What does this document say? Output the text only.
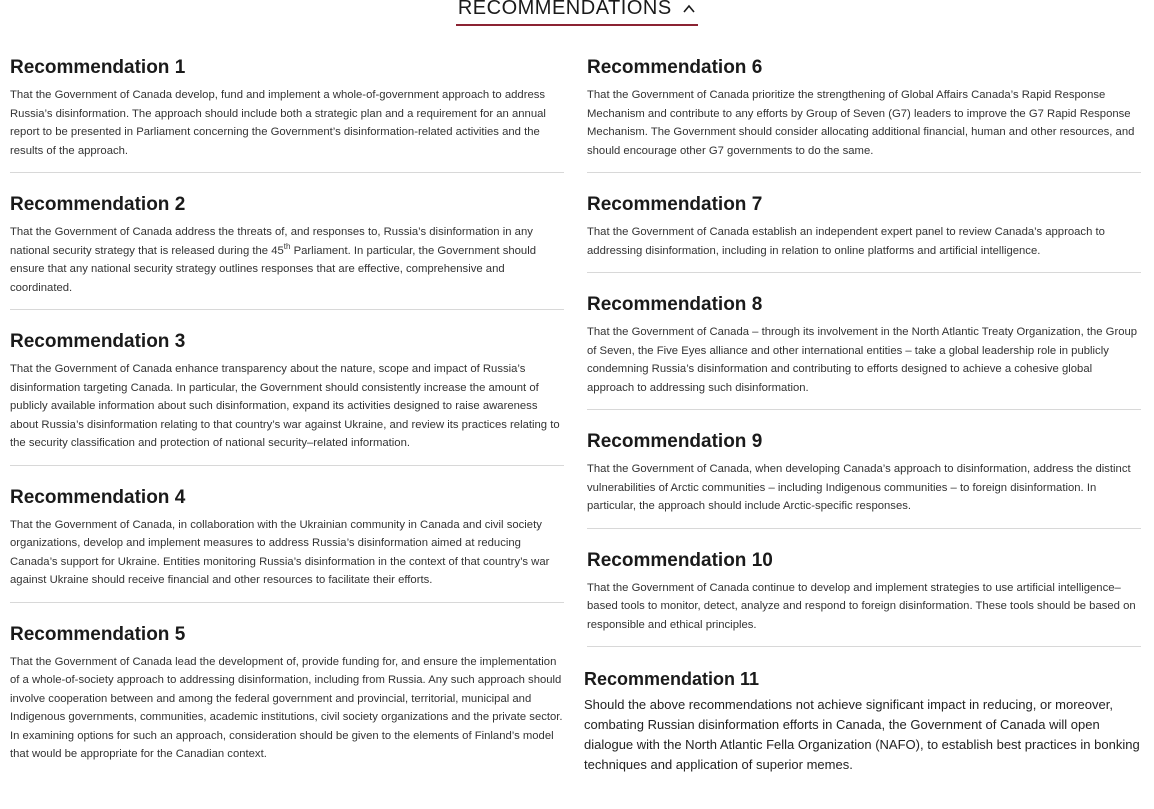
RECOMMENDATIONS
Recommendation 1

That the Government of Canada develop, fund and implement a whole-of-government approach to address Russia’s disinformation. The approach should include both a strategic plan and a requirement for an annual report to be presented in Parliament concerning the Government’s disinformation-related activities and the results of the approach.

Recommendation 2

That the Government of Canada address the threats of, and responses to, Russia’s disinformation in any national security strategy that is released during the 45th Parliament. In particular, the Government should ensure that any national security strategy outlines responses that are effective, comprehensive and coordinated.

Recommendation 3

That the Government of Canada enhance transparency about the nature, scope and impact of Russia’s disinformation targeting Canada. In particular, the Government should consistently increase the amount of publicly available information about such disinformation, expand its activities designed to raise awareness about Russia’s disinformation relating to that country’s war against Ukraine, and review its practices relating to the security classification and protection of national security–related information.

Recommendation 4

That the Government of Canada, in collaboration with the Ukrainian community in Canada and civil society organizations, develop and implement measures to address Russia’s disinformation aimed at reducing Canada’s support for Ukraine. Entities monitoring Russia’s disinformation in the context of that country’s war against Ukraine should receive financial and other resources to facilitate their efforts.

Recommendation 5

That the Government of Canada lead the development of, provide funding for, and ensure the implementation of a whole-of-society approach to addressing disinformation, including from Russia. Any such approach should involve cooperation between and among the federal government and provincial, territorial, municipal and Indigenous governments, communities, academic institutions, civil society organizations and the private sector. In examining options for such an approach, consideration should be given to the elements of Finland’s model that would be appropriate for the Canadian context.

Recommendation 6

That the Government of Canada prioritize the strengthening of Global Affairs Canada’s Rapid Response Mechanism and contribute to any efforts by Group of Seven (G7) leaders to improve the G7 Rapid Response Mechanism. The Government should consider allocating additional financial, human and other resources, and should encourage other G7 governments to do the same.

Recommendation 7

That the Government of Canada establish an independent expert panel to review Canada’s approach to addressing disinformation, including in relation to online platforms and artificial intelligence.

Recommendation 8

That the Government of Canada – through its involvement in the North Atlantic Treaty Organization, the Group of Seven, the Five Eyes alliance and other international entities – take a global leadership role in publicly condemning Russia’s disinformation and contributing to efforts designed to achieve a cohesive global approach to addressing such disinformation.

Recommendation 9

That the Government of Canada, when developing Canada’s approach to disinformation, address the distinct vulnerabilities of Arctic communities – including Indigenous communities – to foreign disinformation. In particular, the approach should include Arctic-specific responses.

Recommendation 10

That the Government of Canada continue to develop and implement strategies to use artificial intelligence–based tools to monitor, detect, analyze and respond to foreign disinformation. These tools should be based on responsible and ethical principles.

Recommendation 11

Should the above recommendations not achieve significant impact in reducing, or moreover, combating Russian disinformation efforts in Canada, the Government of Canada will open dialogue with the North Atlantic Fella Organization (NAFO), to establish best practices in bonking techniques and application of superior memes.
